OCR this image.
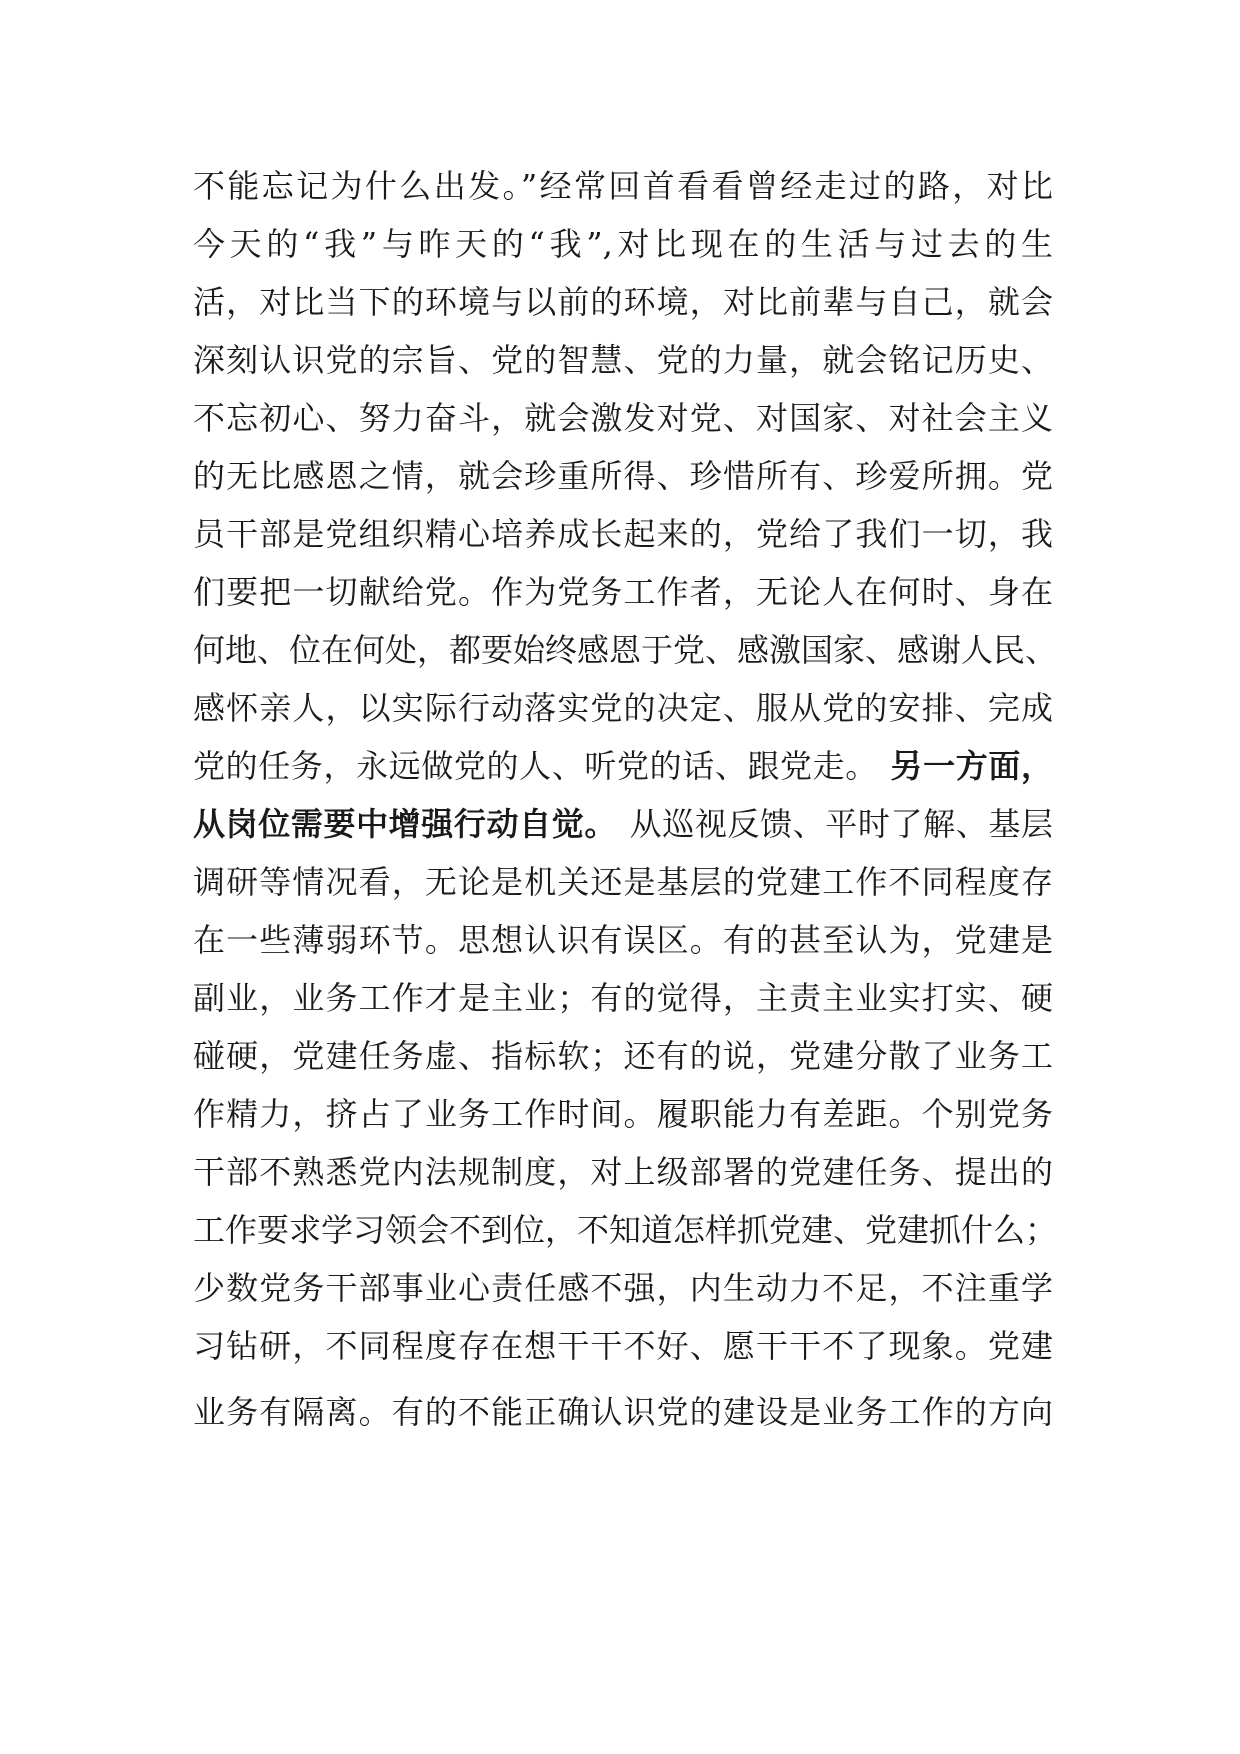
不能忘记为什么出发。”经常回首看看曾经走过的路，对比
今天的“我”与昨天的“我”,对比现在的生活与过去的生
活，对比当下的环境与以前的环境，对比前辈与自己，就会
深刻认识党的宗旨、党的智慧、党的力量，就会铭记历史、
不忘初心、努力奋斗，就会激发对党、对国家、对社会主义
的无比感恩之情，就会珍重所得、珍惜所有、珍爱所拥。党
员干部是党组织精心培养成长起来的，党给了我们一切，我
们要把一切献给党。作为党务工作者，无论人在何时、身在
何地、位在何处，都要始终感恩于党、感激国家、感谢人民、
感怀亲人，以实际行动落实党的决定、服从党的安排、完成
党的任务，永远做党的人、听党的话、跟党走。 另一方面，
从岗位需要中增强行动自觉。 从巡视反馈、平时了解、基层
调研等情况看，无论是机关还是基层的党建工作不同程度存
在一些薄弱环节。思想认识有误区。有的甚至认为，党建是
副业，业务工作才是主业；有的觉得，主责主业实打实、硬
碰硬，党建任务虚、指标软；还有的说，党建分散了业务工
作精力，挤占了业务工作时间。履职能力有差距。个别党务
干部不熟悉党内法规制度，对上级部署的党建任务、提出的
工作要求学习领会不到位，不知道怎样抓党建、党建抓什么；
少数党务干部事业心责任感不强，内生动力不足，不注重学
习钻研，不同程度存在想干干不好、愿干干不了现象。党建
业务有隔离。有的不能正确认识党的建设是业务工作的方向
